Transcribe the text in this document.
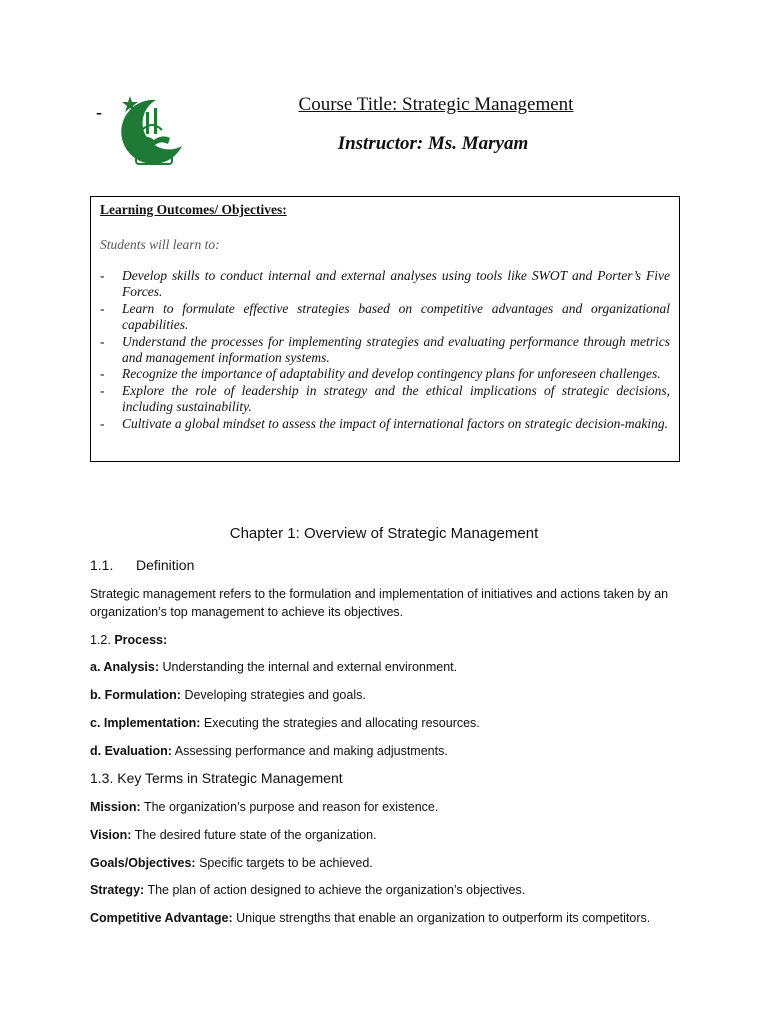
-	Course Title: Strategic Management
Instructor: Ms. Maryam
Learning Outcomes/ Objectives:
Students will learn to:
- Develop skills to conduct internal and external analyses using tools like SWOT and Porter’s Five Forces.
- Learn to formulate effective strategies based on competitive advantages and organizational capabilities.
- Understand the processes for implementing strategies and evaluating performance through metrics and management information systems.
- Recognize the importance of adaptability and develop contingency plans for unforeseen challenges.
- Explore the role of leadership in strategy and the ethical implications of strategic decisions, including sustainability.
- Cultivate a global mindset to assess the impact of international factors on strategic decision-making.
Chapter 1: Overview of Strategic Management
1.1. Definition
Strategic management refers to the formulation and implementation of initiatives and actions taken by an organization’s top management to achieve its objectives.
1.2. Process:
a. Analysis: Understanding the internal and external environment.
b. Formulation: Developing strategies and goals.
c. Implementation: Executing the strategies and allocating resources.
d. Evaluation: Assessing performance and making adjustments.
1.3. Key Terms in Strategic Management
Mission: The organization’s purpose and reason for existence.
Vision: The desired future state of the organization.
Goals/Objectives: Specific targets to be achieved.
Strategy: The plan of action designed to achieve the organization’s objectives.
Competitive Advantage: Unique strengths that enable an organization to outperform its competitors.
